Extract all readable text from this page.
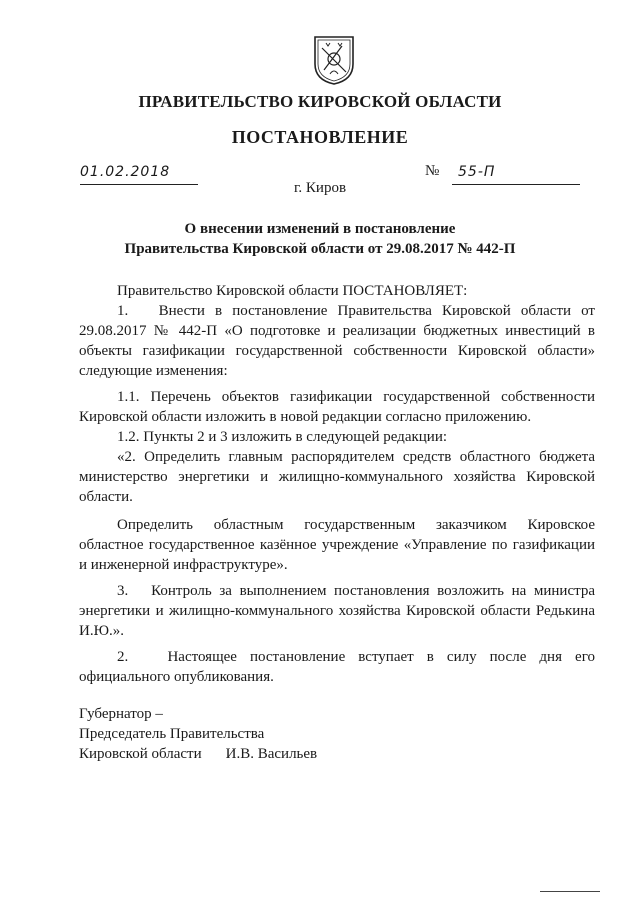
ПРАВИТЕЛЬСТВО КИРОВСКОЙ ОБЛАСТИ
ПОСТАНОВЛЕНИЕ
01.02.2018	№ 55-П
г. Киров
О внесении изменений в постановление
Правительства Кировской области от 29.08.2017 № 442-П

Правительство Кировской области ПОСТАНОВЛЯЕТ:

1.   Внести в постановление Правительства Кировской области от 29.08.2017 № 442-П «О подготовке и реализации бюджетных инвестиций в объекты газификации государственной собственности Кировской области» следующие изменения:

1.1. Перечень объектов газификации государственной собственности Кировской области изложить в новой редакции согласно приложению.

1.2. Пункты 2 и 3 изложить в следующей редакции:

«2. Определить главным распорядителем средств областного бюджета министерство энергетики и жилищно-коммунального хозяйства Кировской области.

Определить областным государственным заказчиком Кировское областное государственное казённое учреждение «Управление по газификации и инженерной инфраструктуре».

3.   Контроль за выполнением постановления возложить на министра энергетики и жилищно-коммунального хозяйства Кировской области Редькина И.Ю.».

2.   Настоящее постановление вступает в силу после дня его официального опубликования.

Губернатор –
Председатель Правительства
Кировской области И.В. Васильев
